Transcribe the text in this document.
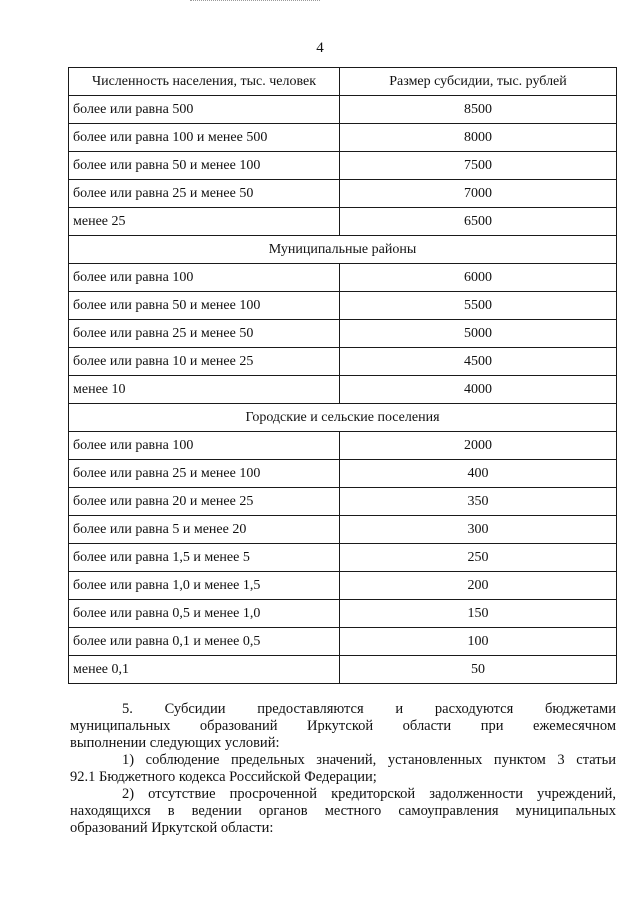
4
Численность населения, тыс. человек	Размер субсидии, тыс. рублей
более или равна 500	8500
более или равна 100 и менее 500	8000
более или равна 50 и менее 100	7500
более или равна 25 и менее 50	7000
менее 25	6500
Муниципальные районы	
более или равна 100	6000
более или равна 50 и менее 100	5500
более или равна 25 и менее 50	5000
более или равна 10 и менее 25	4500
менее 10	4000
Городские и сельские поселения	
более или равна 100	2000
более или равна 25 и менее 100	400
более или равна 20 и менее 25	350
более или равна 5 и менее 20	300
более или равна 1,5 и менее 5	250
более или равна 1,0 и менее 1,5	200
более или равна 0,5 и менее 1,0	150
более или равна 0,1 и менее 0,5	100
менее 0,1	50

5. Субсидии предоставляются и расходуются бюджетами

муниципальных образований Иркутской области при ежемесячном

выполнении следующих условий:

1) соблюдение предельных значений, установленных пунктом 3 статьи

92.1 Бюджетного кодекса Российской Федерации;

2) отсутствие просроченной кредиторской задолженности учреждений,

находящихся в ведении органов местного самоуправления муниципальных

образований Иркутской области:
